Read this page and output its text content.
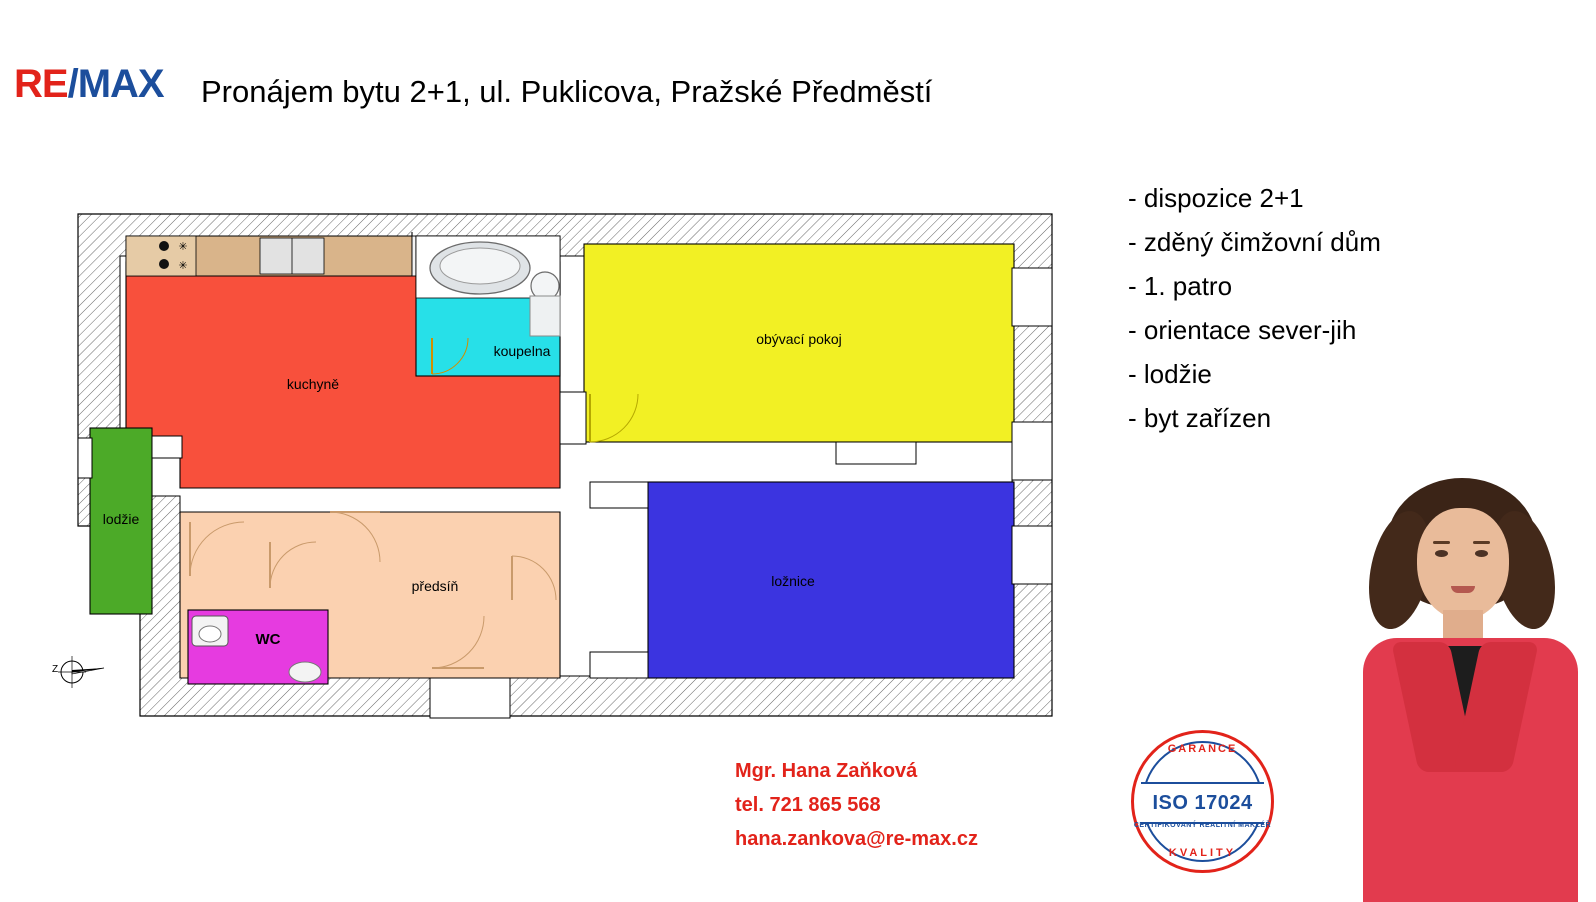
RE/MAX Pronájem bytu 2+1, ul. Puklicova, Pražské Předměstí
- dispozice 2+1
- zděný čimžovní dům
- 1. patro
- orientace sever-jih
- lodžie
- byt zařízen
Mgr. Hana Zaňková
tel. 721 865 568
hana.zankova@re-max.cz
GARANCE
ISO 17024
CERTIFIKOVANÝ REALITNÍ MAKLÉŘ
KVALITY
Z
✳
✳
kuchyně
koupelna
obývací pokoj
ložnice
předsíň
WC
lodžie
